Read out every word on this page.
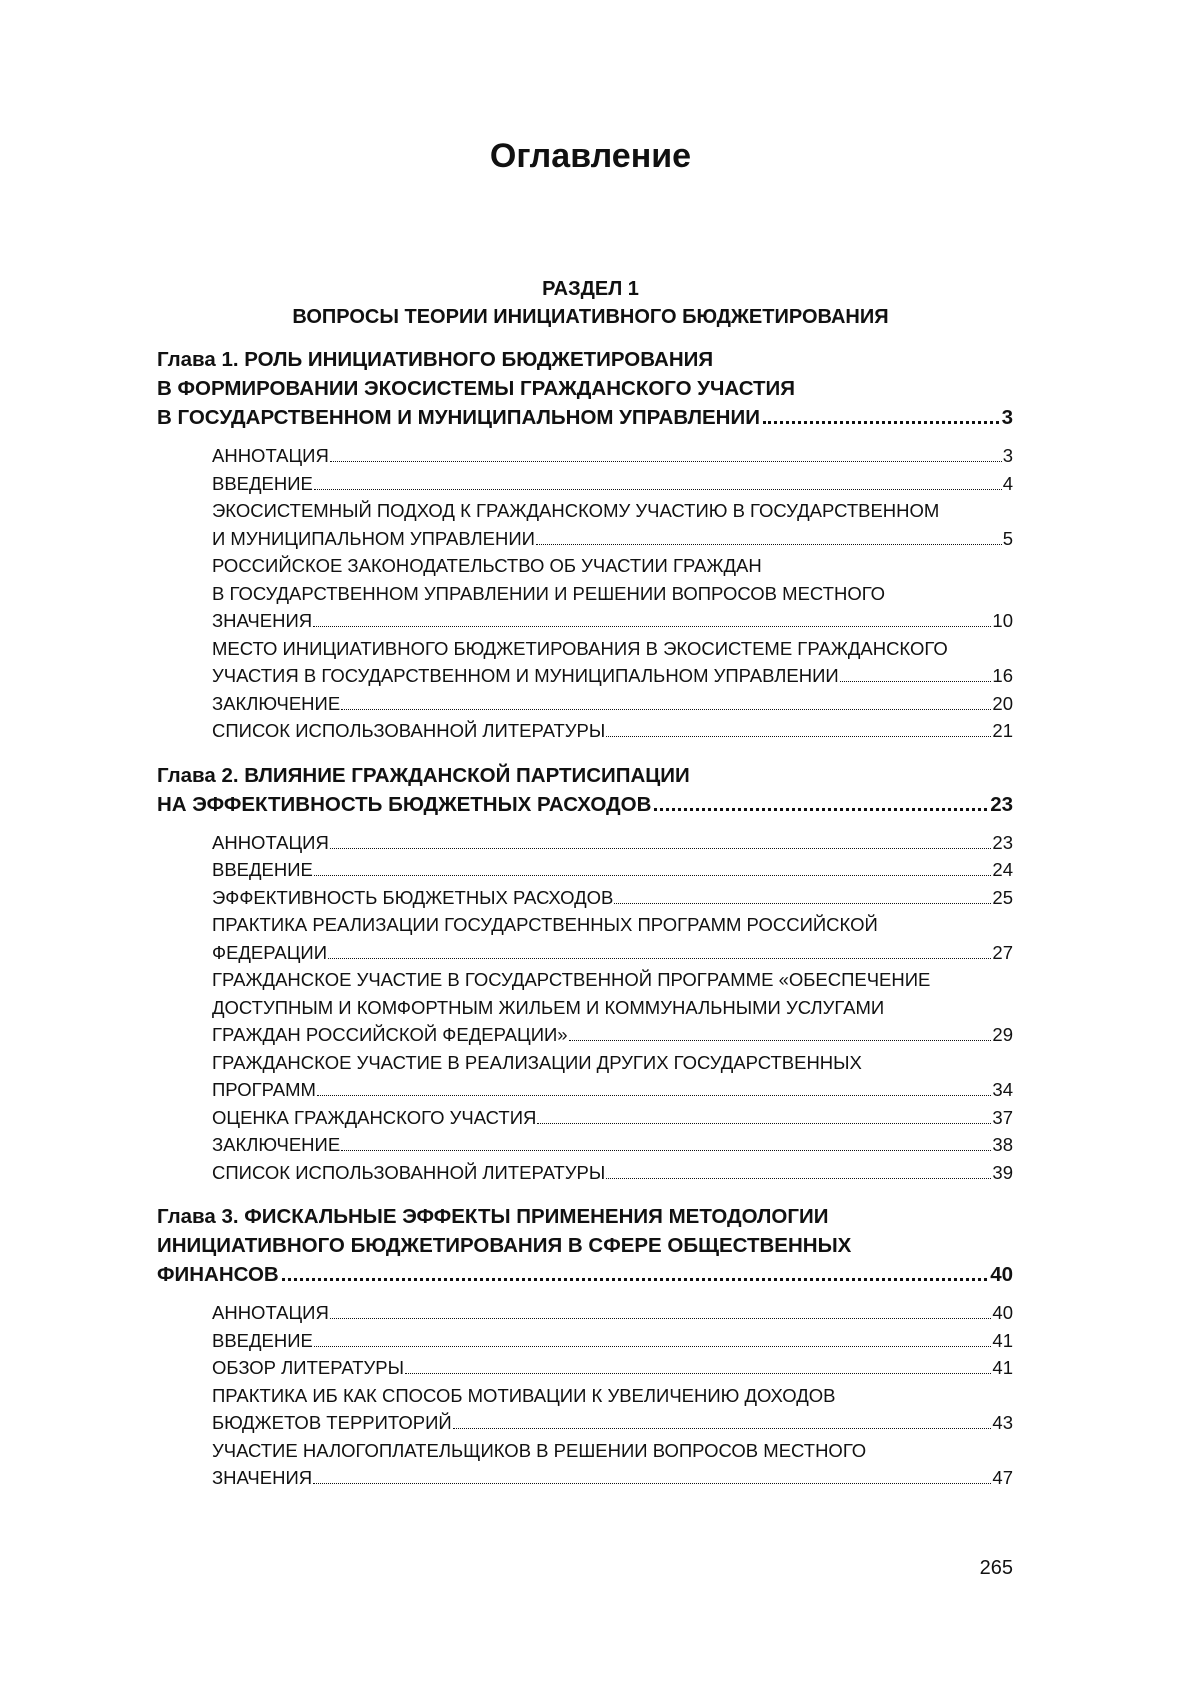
Оглавление
РАЗДЕЛ 1
ВОПРОСЫ ТЕОРИИ ИНИЦИАТИВНОГО БЮДЖЕТИРОВАНИЯ
Глава 1. РОЛЬ ИНИЦИАТИВНОГО БЮДЖЕТИРОВАНИЯ
В ФОРМИРОВАНИИ ЭКОСИСТЕМЫ ГРАЖДАНСКОГО УЧАСТИЯ
В ГОСУДАРСТВЕННОМ И МУНИЦИПАЛЬНОМ УПРАВЛЕНИИ	3
АННОТАЦИЯ	3
ВВЕДЕНИЕ	4
ЭКОСИСТЕМНЫЙ ПОДХОД К ГРАЖДАНСКОМУ УЧАСТИЮ В ГОСУДАРСТВЕННОМ
И МУНИЦИПАЛЬНОМ УПРАВЛЕНИИ	5
РОССИЙСКОЕ ЗАКОНОДАТЕЛЬСТВО ОБ УЧАСТИИ ГРАЖДАН
В ГОСУДАРСТВЕННОМ УПРАВЛЕНИИ И РЕШЕНИИ ВОПРОСОВ МЕСТНОГО
ЗНАЧЕНИЯ	10
МЕСТО ИНИЦИАТИВНОГО БЮДЖЕТИРОВАНИЯ В ЭКОСИСТЕМЕ ГРАЖДАНСКОГО
УЧАСТИЯ В ГОСУДАРСТВЕННОМ И МУНИЦИПАЛЬНОМ УПРАВЛЕНИИ	16
ЗАКЛЮЧЕНИЕ	20
СПИСОК ИСПОЛЬЗОВАННОЙ ЛИТЕРАТУРЫ	21
Глава 2. ВЛИЯНИЕ ГРАЖДАНСКОЙ ПАРТИСИПАЦИИ
НА ЭФФЕКТИВНОСТЬ БЮДЖЕТНЫХ РАСХОДОВ	23
АННОТАЦИЯ	23
ВВЕДЕНИЕ	24
ЭФФЕКТИВНОСТЬ БЮДЖЕТНЫХ РАСХОДОВ	25
ПРАКТИКА РЕАЛИЗАЦИИ ГОСУДАРСТВЕННЫХ ПРОГРАММ РОССИЙСКОЙ
ФЕДЕРАЦИИ	27
ГРАЖДАНСКОЕ УЧАСТИЕ В ГОСУДАРСТВЕННОЙ ПРОГРАММЕ «ОБЕСПЕЧЕНИЕ
ДОСТУПНЫМ И КОМФОРТНЫМ ЖИЛЬЕМ И КОММУНАЛЬНЫМИ УСЛУГАМИ
ГРАЖДАН РОССИЙСКОЙ ФЕДЕРАЦИИ»	29
ГРАЖДАНСКОЕ УЧАСТИЕ В РЕАЛИЗАЦИИ ДРУГИХ ГОСУДАРСТВЕННЫХ
ПРОГРАММ	34
ОЦЕНКА ГРАЖДАНСКОГО УЧАСТИЯ	37
ЗАКЛЮЧЕНИЕ	38
СПИСОК ИСПОЛЬЗОВАННОЙ ЛИТЕРАТУРЫ	39
Глава 3. ФИСКАЛЬНЫЕ ЭФФЕКТЫ ПРИМЕНЕНИЯ МЕТОДОЛОГИИ
ИНИЦИАТИВНОГО БЮДЖЕТИРОВАНИЯ В СФЕРЕ ОБЩЕСТВЕННЫХ
ФИНАНСОВ	40
АННОТАЦИЯ	40
ВВЕДЕНИЕ	41
ОБЗОР ЛИТЕРАТУРЫ	41
ПРАКТИКА ИБ КАК СПОСОБ МОТИВАЦИИ К УВЕЛИЧЕНИЮ ДОХОДОВ
БЮДЖЕТОВ ТЕРРИТОРИЙ	43
УЧАСТИЕ НАЛОГОПЛАТЕЛЬЩИКОВ В РЕШЕНИИ ВОПРОСОВ МЕСТНОГО
ЗНАЧЕНИЯ	47
265
